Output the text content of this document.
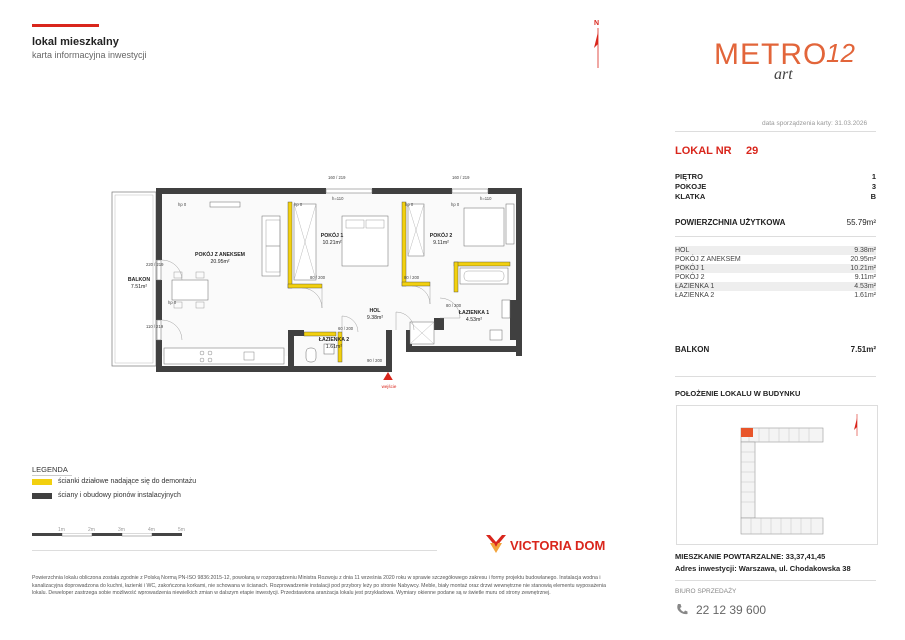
lokal mieszkalny
karta informacyjna inwestycji
N
METRO
12
art
data sporządzenia karty: 31.03.2026
LOKAL NR 29
PIĘTRO	1
POKOJE	3
KLATKA	B
POWIERZCHNIA UŻYTKOWA	55.79m²
HOL	9.38m²
POKÓJ Z ANEKSEM	20.95m²
POKÓJ 1	10.21m²
POKÓJ 2	9.11m²
ŁAZIENKA 1	4.53m²
ŁAZIENKA 2	1.61m²
BALKON	7.51m²
POŁOŻENIE LOKALU W BUDYNKU
MIESZKANIE POWTARZALNE: 33,37,41,45
Adres inwestycji: Warszawa, ul. Chodakowska 38
BIURO SPRZEDAŻY
22 12 39 600
POKÓJ Z ANEKSEM
20.95m²
POKÓJ 1
10.21m²
POKÓJ 2
9.11m²
HOL
9.38m²
ŁAZIENKA 1
4.53m²
ŁAZIENKA 2
1.61m²
BALKON
7.51m²
wejście
160 / 219	160 / 219
220 / 219
110 / 219
80 / 200	80 / 200
80 / 200
90 / 200
60 / 200
hp 0	hp 0	hp 0	hp 0
hp 0
h=110	h=110
LEGENDA
ścianki działowe nadające się do demontażu
ściany i obudowy pionów instalacyjnych
1m	2m	3m	4m	5m
VICTORIA DOM
Powierzchnia lokalu obliczona została zgodnie z Polską Normą PN-ISO 9836:2015-12, powołaną w rozporządzeniu Ministra Rozwoju z dnia 11 września 2020 roku w sprawie szczegółowego zakresu i formy projektu budowlanego. Instalacja wodna i kanalizacyjna doprowadzona do kuchni, łazienki i WC, zakończona korkami, nie schowana w ścianach. Rozprowadzenie instalacji pod przybory leży po stronie Nabywcy. Meble, biały montaż oraz drzwi wewnętrzne nie stanowią elementu wyposażenia lokalu. Deweloper zastrzega sobie możliwość wprowadzenia niewielkich zmian w dalszym etapie inwestycji. Przedstawiona aranżacja lokalu jest przykładowa. Wymiary okienne podane są w świetle muru od strony zewnętrznej.
